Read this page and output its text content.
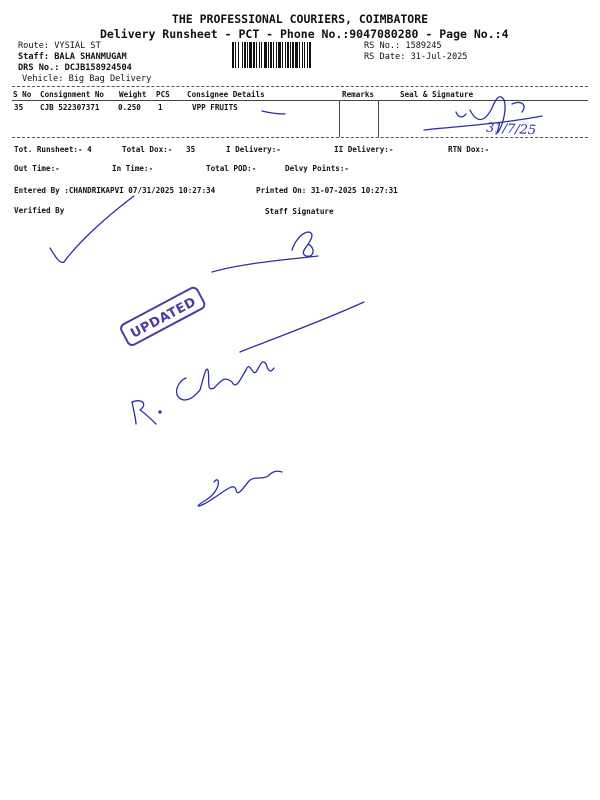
THE PROFESSIONAL COURIERS, COIMBATORE
Delivery Runsheet - PCT - Phone No.:9047080280 - Page No.:4
Route: VYSIAL ST
Staff: BALA SHANMUGAM
DRS No.: DCJB158924504
Vehicle: Big Bag Delivery
RS No.: 1589245
RS Date: 31-Jul-2025
S No Consignment No Weight PCS Consignee Details	Remarks	Seal & Signature
35 CJB 522307371 0.250 1	VPP FRUITS
31/7/25
Tot. Runsheet:- 4	Total Dox:-   35	I Delivery:-	II Delivery:-	RTN Dox:-
Out Time:-	In Time:-	Total POD:-	Delvy Points:-
Entered By :CHANDRIKAPVI 07/31/2025 10:27:34	Printed On: 31-07-2025 10:27:31
Verified By	Staff Signature
UPDATED
